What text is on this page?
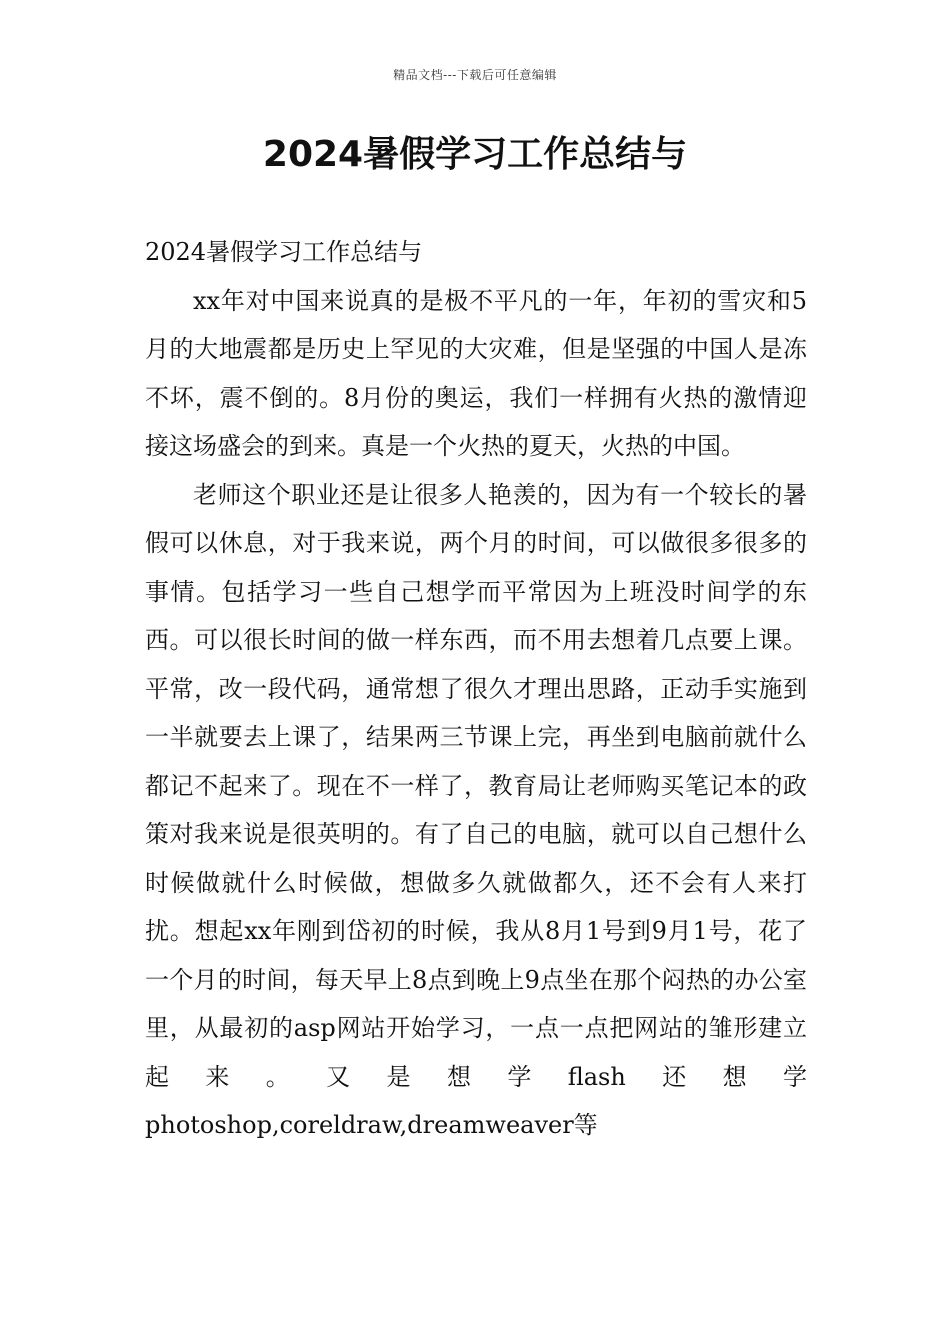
精品文档---下载后可任意编辑
2024暑假学习工作总结与

2024暑假学习工作总结与

xx年对中国来说真的是极不平凡的一年，年初的雪灾和5月的大地震都是历史上罕见的大灾难，但是坚强的中国人是冻不坏，震不倒的。8月份的奥运，我们一样拥有火热的激情迎接这场盛会的到来。真是一个火热的夏天，火热的中国。

老师这个职业还是让很多人艳羡的，因为有一个较长的暑假可以休息，对于我来说，两个月的时间，可以做很多很多的事情。包括学习一些自己想学而平常因为上班没时间学的东西。可以很长时间的做一样东西，而不用去想着几点要上课。平常，改一段代码，通常想了很久才理出思路，正动手实施到一半就要去上课了，结果两三节课上完，再坐到电脑前就什么都记不起来了。现在不一样了，教育局让老师购买笔记本的政策对我来说是很英明的。有了自己的电脑，就可以自己想什么时候做就什么时候做，想做多久就做都久，还不会有人来打扰。想起xx年刚到岱初的时候，我从8月1号到9月1号，花了一个月的时间，每天早上8点到晚上9点坐在那个闷热的办公室里，从最初的asp网站开始学习，一点一点把网站的雏形建立起来。又是想学flash还想学photoshop,coreldraw,dreamweaver等
